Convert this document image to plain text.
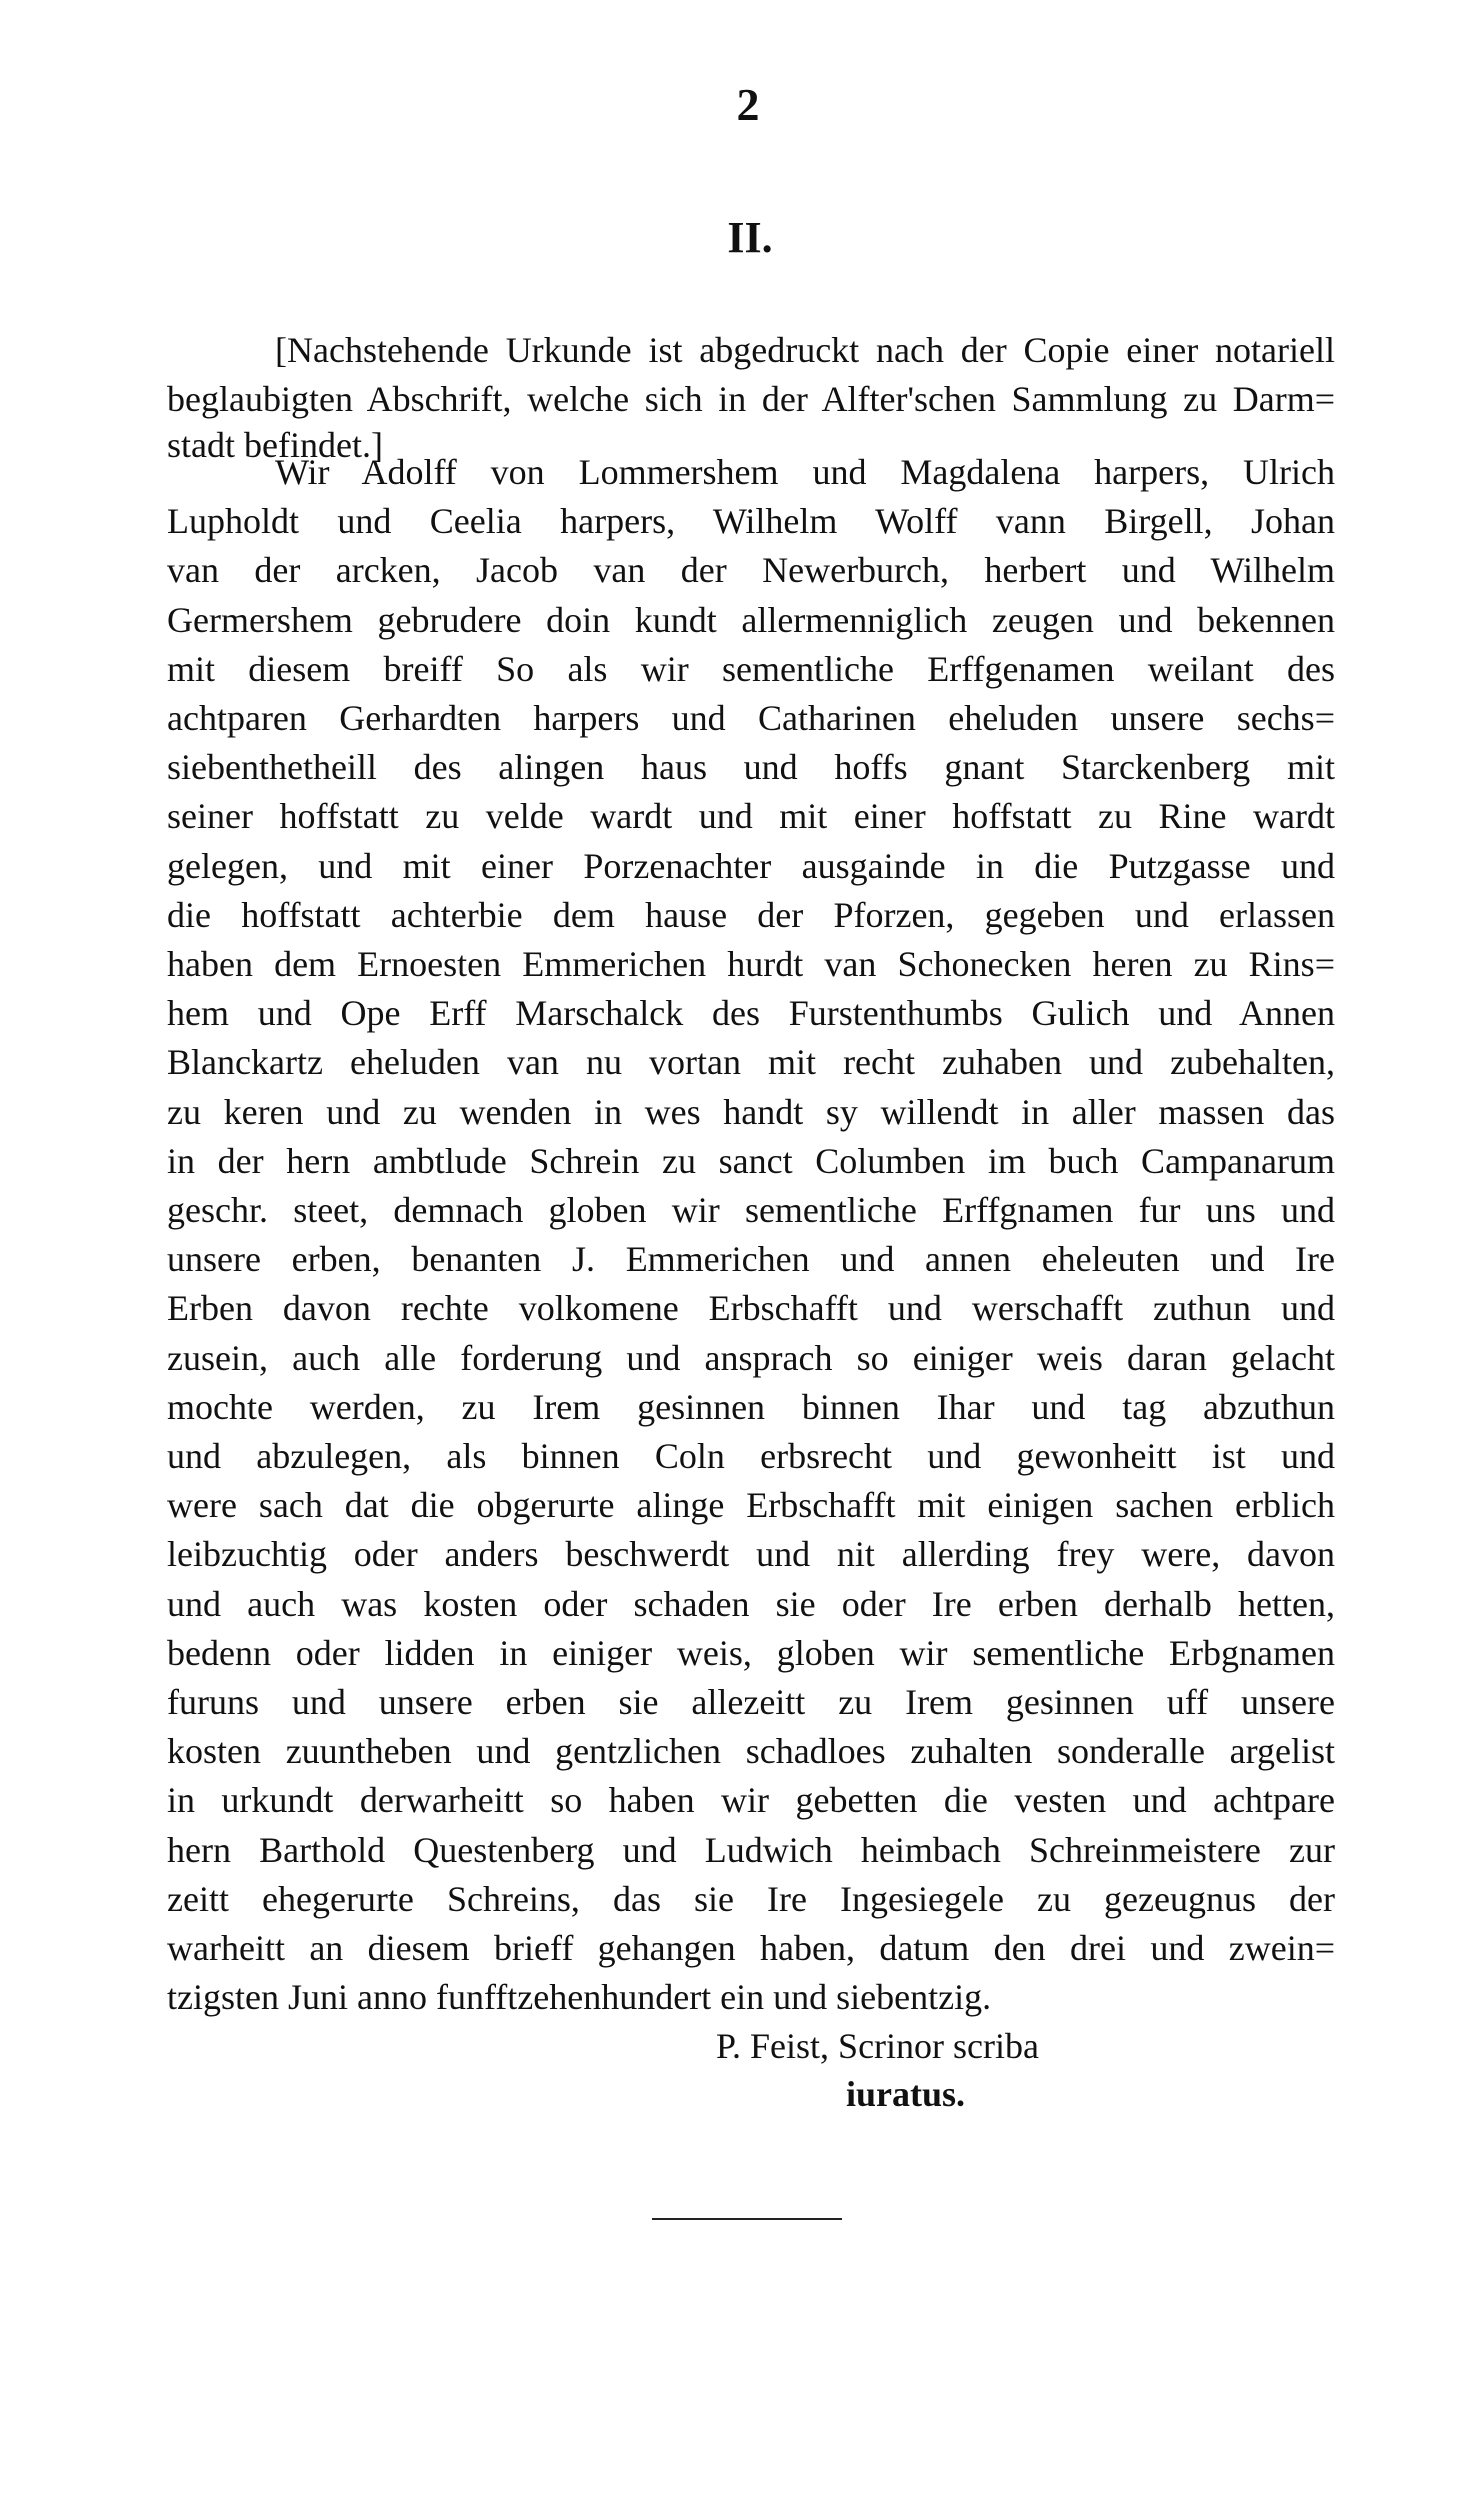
2
II.
[Nachstehende Urkunde ist abgedruckt nach der Copie einer notariell
beglaubigten Abschrift, welche sich in der Alfter'schen Sammlung zu Darm=
stadt befindet.]
Wir Adolff von Lommershem und Magdalena harpers, Ulrich
Lupholdt und Ceelia harpers, Wilhelm Wolff vann Birgell, Johan
van der arcken, Jacob van der Newerburch, herbert und Wilhelm
Germershem gebrudere doin kundt allermenniglich zeugen und bekennen
mit diesem breiff So als wir sementliche Erffgenamen weilant des
achtparen Gerhardten harpers und Catharinen eheluden unsere sechs=
siebenthetheill des alingen haus und hoffs gnant Starckenberg mit
seiner hoffstatt zu velde wardt und mit einer hoffstatt zu Rine wardt
gelegen, und mit einer Porzenachter ausgainde in die Putzgasse und
die hoffstatt achterbie dem hause der Pforzen, gegeben und erlassen
haben dem Ernoesten Emmerichen hurdt van Schonecken heren zu Rins=
hem und Ope Erff Marschalck des Furstenthumbs Gulich und Annen
Blanckartz eheluden van nu vortan mit recht zuhaben und zubehalten,
zu keren und zu wenden in wes handt sy willendt in aller massen das
in der hern ambtlude Schrein zu sanct Columben im buch Campanarum
geschr. steet, demnach globen wir sementliche Erffgnamen fur uns und
unsere erben, benanten J. Emmerichen und annen eheleuten und Ire
Erben davon rechte volkomene Erbschafft und werschafft zuthun und
zusein, auch alle forderung und ansprach so einiger weis daran gelacht
mochte werden, zu Irem gesinnen binnen Ihar und tag abzuthun
und abzulegen, als binnen Coln erbsrecht und gewonheitt ist und
were sach dat die obgerurte alinge Erbschafft mit einigen sachen erblich
leibzuchtig oder anders beschwerdt und nit allerding frey were, davon
und auch was kosten oder schaden sie oder Ire erben derhalb hetten,
bedenn oder lidden in einiger weis, globen wir sementliche Erbgnamen
furuns und unsere erben sie allezeitt zu Irem gesinnen uff unsere
kosten zuuntheben und gentzlichen schadloes zuhalten sonderalle argelist
in urkundt derwarheitt so haben wir gebetten die vesten und achtpare
hern Barthold Questenberg und Ludwich heimbach Schreinmeistere zur
zeitt ehegerurte Schreins, das sie Ire Ingesiegele zu gezeugnus der
warheitt an diesem brieff gehangen haben, datum den drei und zwein=
tzigsten Juni anno funfftzehenhundert ein und siebentzig.
P. Feist, Scrinor scriba
iuratus.
